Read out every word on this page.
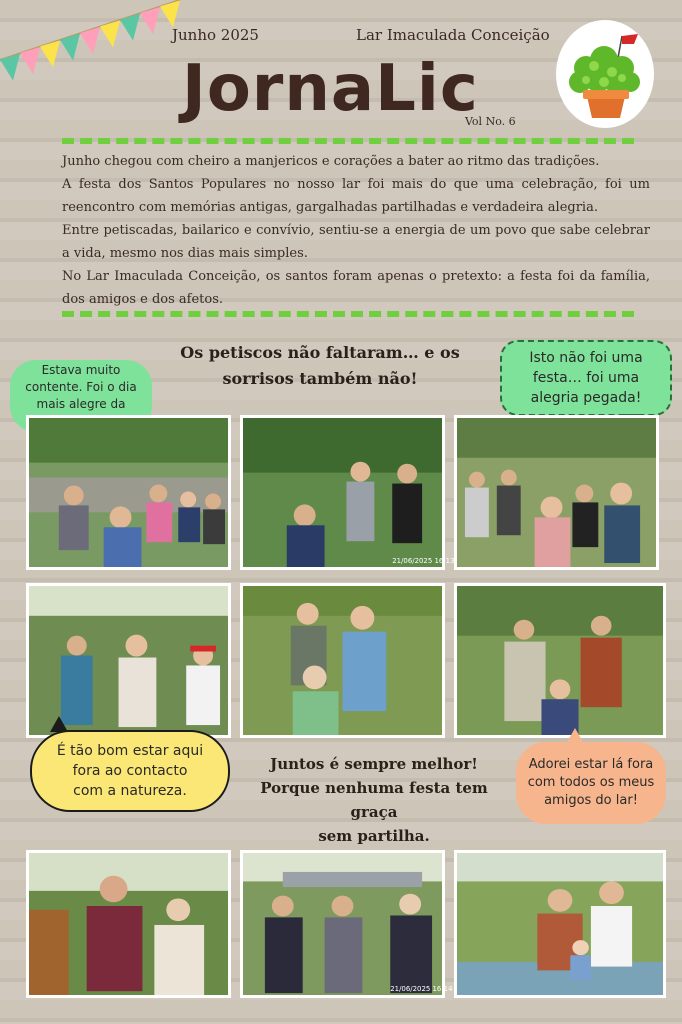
Junho 2025	Lar Imaculada Conceição
JornaLic
Vol No. 6

Junho chegou com cheiro a manjericos e corações a bater ao ritmo das tradições.

A festa dos Santos Populares no nosso lar foi mais do que uma celebração, foi um reencontro com memórias antigas, gargalhadas partilhadas e verdadeira alegria.

Entre petiscadas, bailarico e convívio, sentiu-se a energia de um povo que sabe celebrar a vida, mesmo nos dias mais simples.

No Lar Imaculada Conceição, os santos foram apenas o pretexto: a festa foi da família, dos amigos e dos afetos.

Os petiscos não faltaram… e os
sorrisos também não!
Estava muito
contente. Foi o dia
mais alegre da
Isto não foi uma
festa… foi uma
alegria pegada!
21/06/2025 16:13
Juntos é sempre melhor!
Porque nenhuma festa tem graça
sem partilha.
É tão bom estar aqui
fora ao contacto
com a natureza.
Adorei estar lá fora
com todos os meus
amigos do lar!
21/06/2025 16:14
